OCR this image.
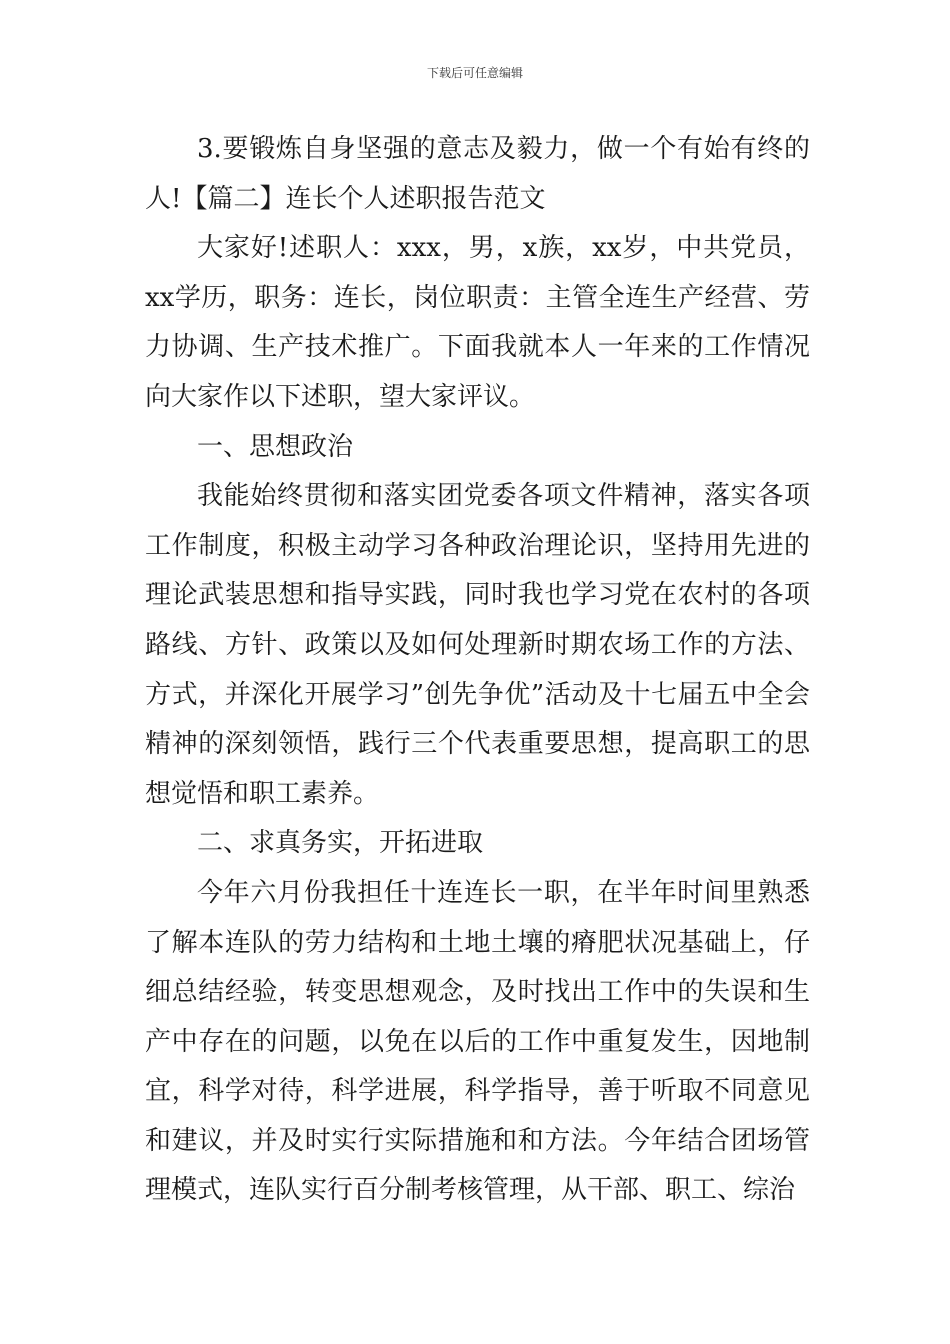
下载后可任意编辑

3.要锻炼自身坚强的意志及毅力，做一个有始有终的人!【篇二】连长个人述职报告范文

大家好!述职人：xxx，男，x族，xx岁，中共党员，xx学历，职务：连长，岗位职责：主管全连生产经营、劳力协调、生产技术推广。下面我就本人一年来的工作情况向大家作以下述职，望大家评议。

一、思想政治

我能始终贯彻和落实团党委各项文件精神，落实各项工作制度，积极主动学习各种政治理论识，坚持用先进的理论武装思想和指导实践，同时我也学习党在农村的各项路线、方针、政策以及如何处理新时期农场工作的方法、方式，并深化开展学习”创先争优”活动及十七届五中全会精神的深刻领悟，践行三个代表重要思想，提高职工的思想觉悟和职工素养。

二、求真务实，开拓进取

今年六月份我担任十连连长一职，在半年时间里熟悉了解本连队的劳力结构和土地土壤的瘠肥状况基础上，仔细总结经验，转变思想观念，及时找出工作中的失误和生产中存在的问题，以免在以后的工作中重复发生，因地制宜，科学对待，科学进展，科学指导，善于听取不同意见和建议，并及时实行实际措施和和方法。今年结合团场管理模式，连队实行百分制考核管理，从干部、职工、综治
